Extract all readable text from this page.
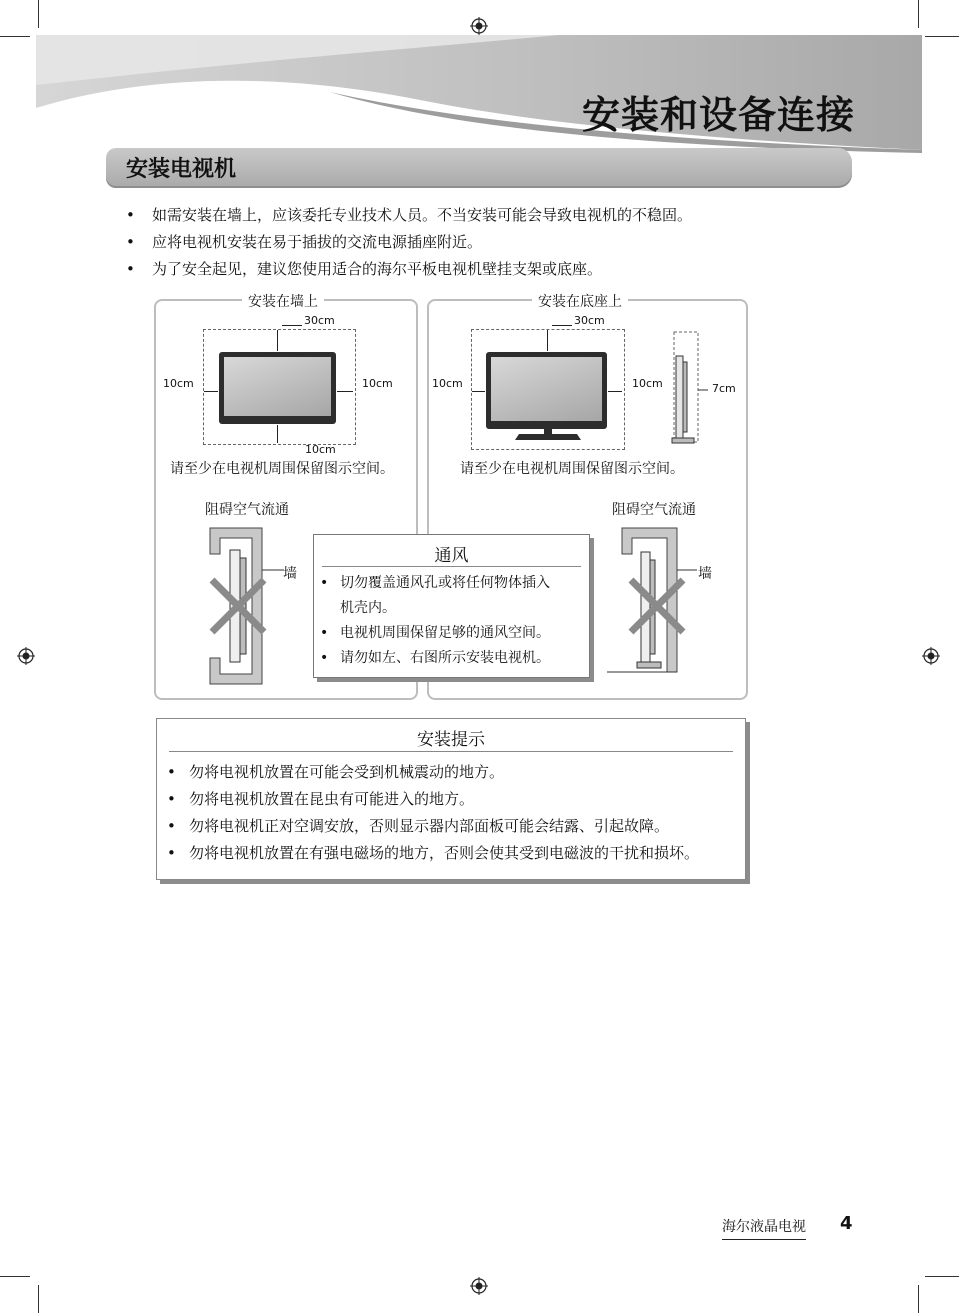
安装和设备连接
安装电视机
• 如需安装在墙上，应该委托专业技术人员。不当安装可能会导致电视机的不稳固。
• 应将电视机安装在易于插拔的交流电源插座附近。
• 为了安全起见，建议您使用适合的海尔平板电视机壁挂支架或底座。
安装在墙上
30cm
10cm	10cm
10cm
请至少在电视机周围保留图示空间。
阻碍空气流通
墙
安装在底座上
30cm
10cm	10cm	7cm
请至少在电视机周围保留图示空间。
阻碍空气流通
墙
通风
• 切勿覆盖通风孔或将任何物体插入
机壳内。
• 电视机周围保留足够的通风空间。
• 请勿如左、右图所示安装电视机。
安装提示
• 勿将电视机放置在可能会受到机械震动的地方。
• 勿将电视机放置在昆虫有可能进入的地方。
• 勿将电视机正对空调安放，否则显示器内部面板可能会结露、引起故障。
• 勿将电视机放置在有强电磁场的地方，否则会使其受到电磁波的干扰和损坏。
海尔液晶电视 4
